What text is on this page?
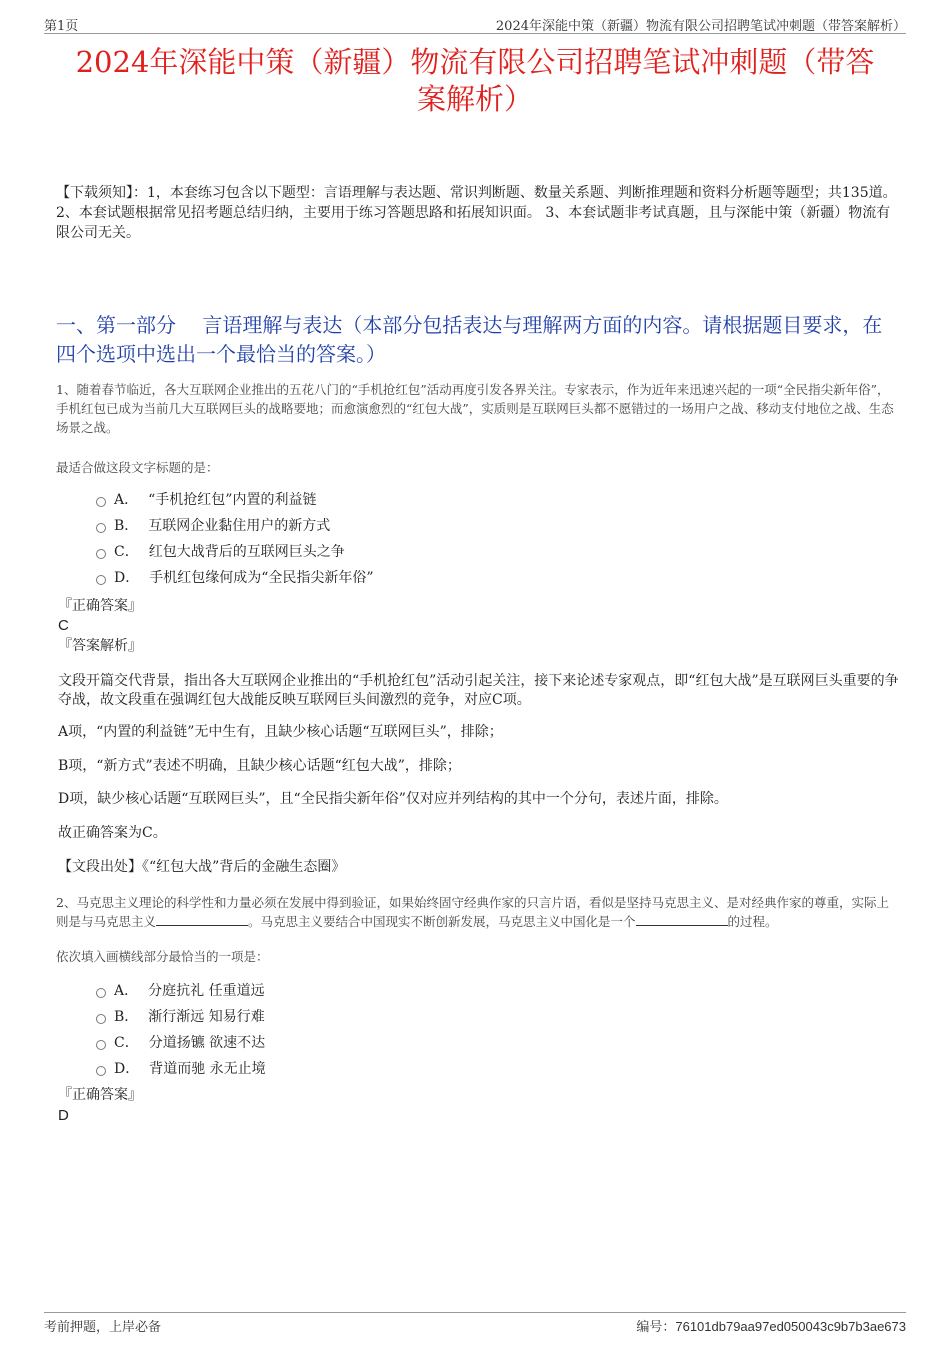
第1页	2024年深能中策（新疆）物流有限公司招聘笔试冲刺题（带答案解析）
2024年深能中策（新疆）物流有限公司招聘笔试冲刺题（带答
案解析）

【下载须知】：1，本套练习包含以下题型：言语理解与表达题、常识判断题、数量关系题、判断推理题和资料分析题等题型；共135道。 2、本套试题根据常见招考题总结归纳，主要用于练习答题思路和拓展知识面。 3、本套试题非考试真题，且与深能中策（新疆）物流有限公司无关。

一、第一部分　 言语理解与表达（本部分包括表达与理解两方面的内容。请根据题目要求，在四个选项中选出一个最恰当的答案。）

1、随着春节临近，各大互联网企业推出的五花八门的“手机抢红包”活动再度引发各界关注。专家表示，作为近年来迅速兴起的一项“全民指尖新年俗”，手机红包已成为当前几大互联网巨头的战略要地；而愈演愈烈的“红包大战”，实质则是互联网巨头都不愿错过的一场用户之战、移动支付地位之战、生态场景之战。

最适合做这段文字标题的是：

A． “手机抢红包”内置的利益链
B． 互联网企业黏住用户的新方式
C． 红包大战背后的互联网巨头之争
D． 手机红包缘何成为“全民指尖新年俗”
『正确答案』
C
『答案解析』

文段开篇交代背景，指出各大互联网企业推出的“手机抢红包”活动引起关注，接下来论述专家观点，即“红包大战”是互联网巨头重要的争夺战，故文段重在强调红包大战能反映互联网巨头间激烈的竞争，对应C项。

A项，“内置的利益链”无中生有，且缺少核心话题“互联网巨头”，排除；

B项，“新方式”表述不明确，且缺少核心话题“红包大战”，排除；

D项，缺少核心话题“互联网巨头”，且“全民指尖新年俗”仅对应并列结构的其中一个分句，表述片面，排除。

故正确答案为C。

【文段出处】《“红包大战”背后的金融生态圈》

2、马克思主义理论的科学性和力量必须在发展中得到验证，如果始终固守经典作家的只言片语，看似是坚持马克思主义、是对经典作家的尊重，实际上则是与马克思主义	。马克思主义要结合中国现实不断创新发展，马克思主义中国化是一个	的过程。

依次填入画横线部分最恰当的一项是：

A． 分庭抗礼 任重道远
B． 渐行渐远 知易行难
C． 分道扬镳 欲速不达
D． 背道而驰 永无止境
『正确答案』
D
考前押题，上岸必备	编号：76101db79aa97ed050043c9b7b3ae673
